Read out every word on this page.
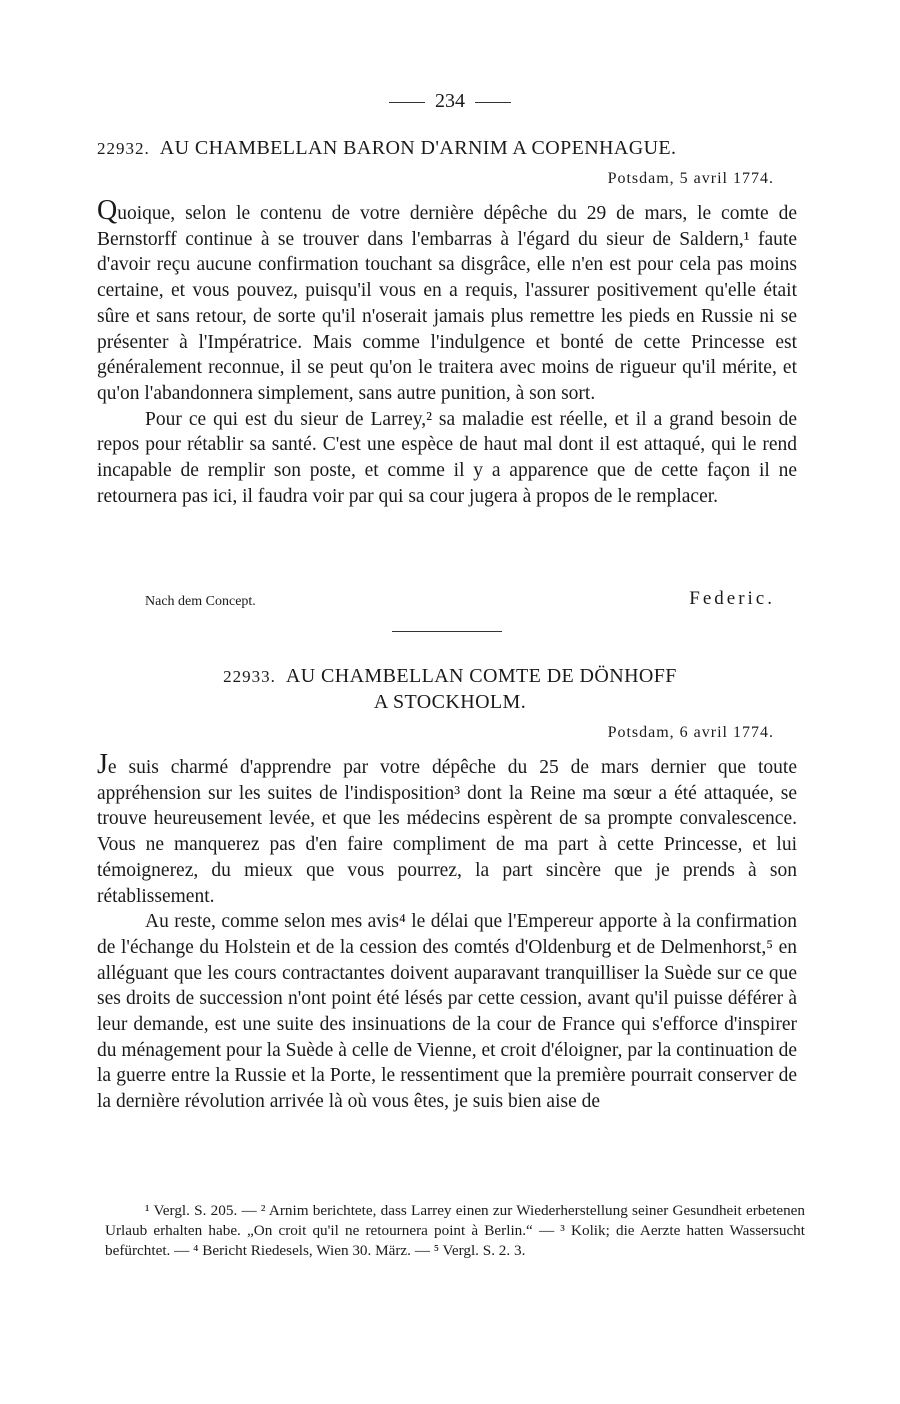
234
22932. AU CHAMBELLAN BARON D'ARNIM A COPENHAGUE.
Potsdam, 5 avril 1774.

Quoique, selon le contenu de votre dernière dépêche du 29 de mars, le comte de Bernstorff continue à se trouver dans l'embarras à l'égard du sieur de Saldern,¹ faute d'avoir reçu aucune confirmation touchant sa disgrâce, elle n'en est pour cela pas moins certaine, et vous pouvez, puisqu'il vous en a requis, l'assurer positivement qu'elle était sûre et sans retour, de sorte qu'il n'oserait jamais plus remettre les pieds en Russie ni se présenter à l'Impératrice. Mais comme l'indulgence et bonté de cette Princesse est généralement reconnue, il se peut qu'on le traitera avec moins de rigueur qu'il mérite, et qu'on l'abandonnera simplement, sans autre punition, à son sort.

Pour ce qui est du sieur de Larrey,² sa maladie est réelle, et il a grand besoin de repos pour rétablir sa santé. C'est une espèce de haut mal dont il est attaqué, qui le rend incapable de remplir son poste, et comme il y a apparence que de cette façon il ne retournera pas ici, il faudra voir par qui sa cour jugera à propos de le remplacer.

Nach dem Concept.	Federic.
22933. AU CHAMBELLAN COMTE DE DÖNHOFF
A STOCKHOLM.
Potsdam, 6 avril 1774.

Je suis charmé d'apprendre par votre dépêche du 25 de mars dernier que toute appréhension sur les suites de l'indisposition³ dont la Reine ma sœur a été attaquée, se trouve heureusement levée, et que les médecins espèrent de sa prompte convalescence. Vous ne manquerez pas d'en faire compliment de ma part à cette Princesse, et lui témoignerez, du mieux que vous pourrez, la part sincère que je prends à son rétablissement.

Au reste, comme selon mes avis⁴ le délai que l'Empereur apporte à la confirmation de l'échange du Holstein et de la cession des comtés d'Oldenburg et de Delmenhorst,⁵ en alléguant que les cours contractantes doivent auparavant tranquilliser la Suède sur ce que ses droits de succession n'ont point été lésés par cette cession, avant qu'il puisse déférer à leur demande, est une suite des insinuations de la cour de France qui s'efforce d'inspirer du ménagement pour la Suède à celle de Vienne, et croit d'éloigner, par la continuation de la guerre entre la Russie et la Porte, le ressentiment que la première pourrait conserver de la dernière révolution arrivée là où vous êtes, je suis bien aise de

¹ Vergl. S. 205. — ² Arnim berichtete, dass Larrey einen zur Wiederherstellung seiner Gesundheit erbetenen Urlaub erhalten habe. „On croit qu'il ne retournera point à Berlin.“ — ³ Kolik; die Aerzte hatten Wassersucht befürchtet. — ⁴ Bericht Riedesels, Wien 30. März. — ⁵ Vergl. S. 2. 3.
